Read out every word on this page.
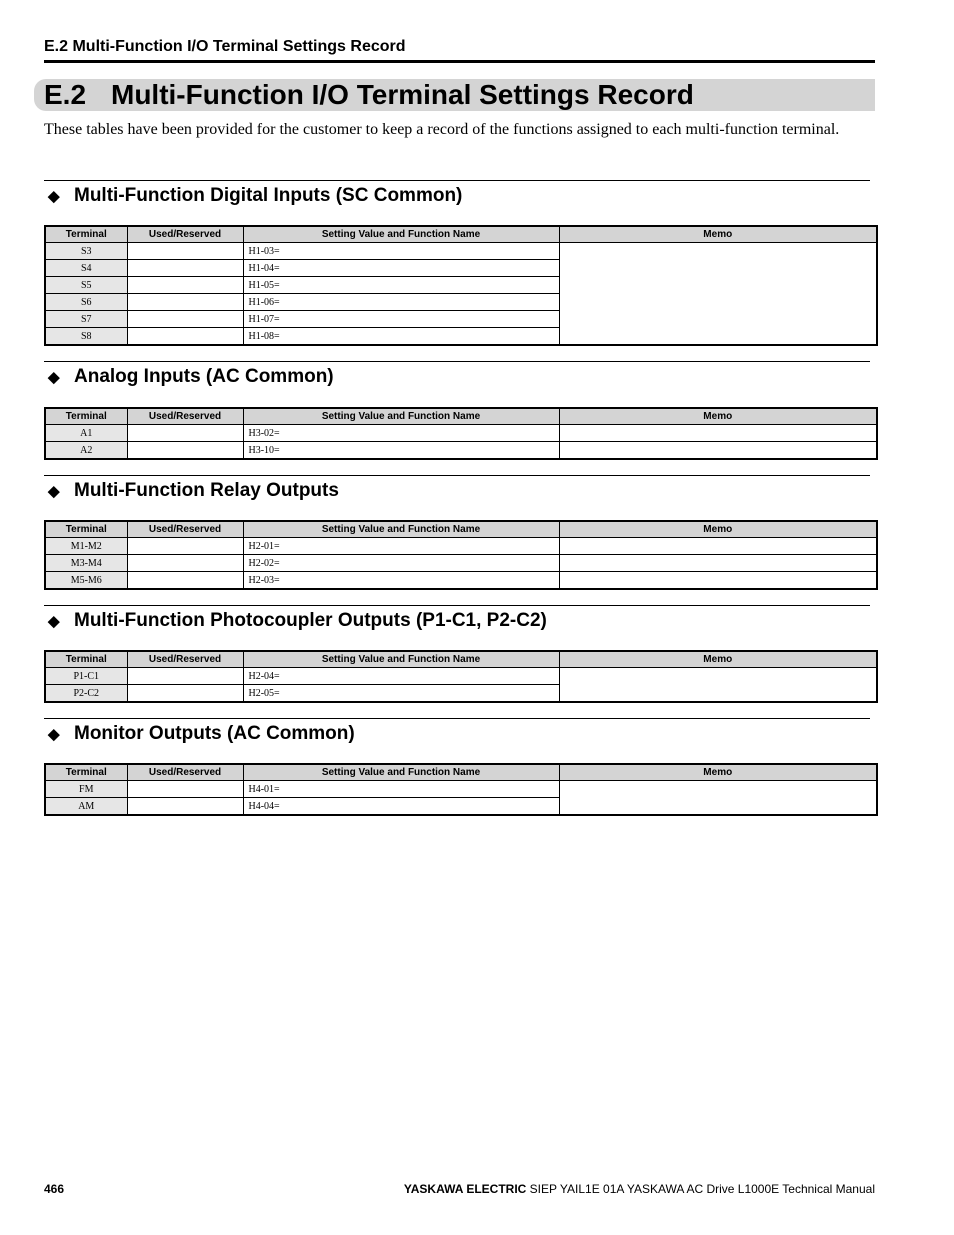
E.2 Multi-Function I/O Terminal Settings Record
E.2 Multi-Function I/O Terminal Settings Record
These tables have been provided for the customer to keep a record of the functions assigned to each multi-function terminal.
◆ Multi-Function Digital Inputs (SC Common)
Terminal	Used/Reserved	Setting Value and Function Name	Memo
S3		H1-03=	
S4		H1-04=	
S5		H1-05=	
S6		H1-06=	
S7		H1-07=	
S8		H1-08=	
◆ Analog Inputs (AC Common)
Terminal	Used/Reserved	Setting Value and Function Name	Memo
A1		H3-02=	
A2		H3-10=	
◆ Multi-Function Relay Outputs
Terminal	Used/Reserved	Setting Value and Function Name	Memo
M1-M2		H2-01=	
M3-M4		H2-02=	
M5-M6		H2-03=	
◆ Multi-Function Photocoupler Outputs (P1-C1, P2-C2)
Terminal	Used/Reserved	Setting Value and Function Name	Memo
P1-C1		H2-04=	
P2-C2		H2-05=	
◆ Monitor Outputs (AC Common)
Terminal	Used/Reserved	Setting Value and Function Name	Memo
FM		H4-01=	
AM		H4-04=	
466	YASKAWA ELECTRIC SIEP YAIL1E 01A YASKAWA AC Drive L1000E Technical Manual
